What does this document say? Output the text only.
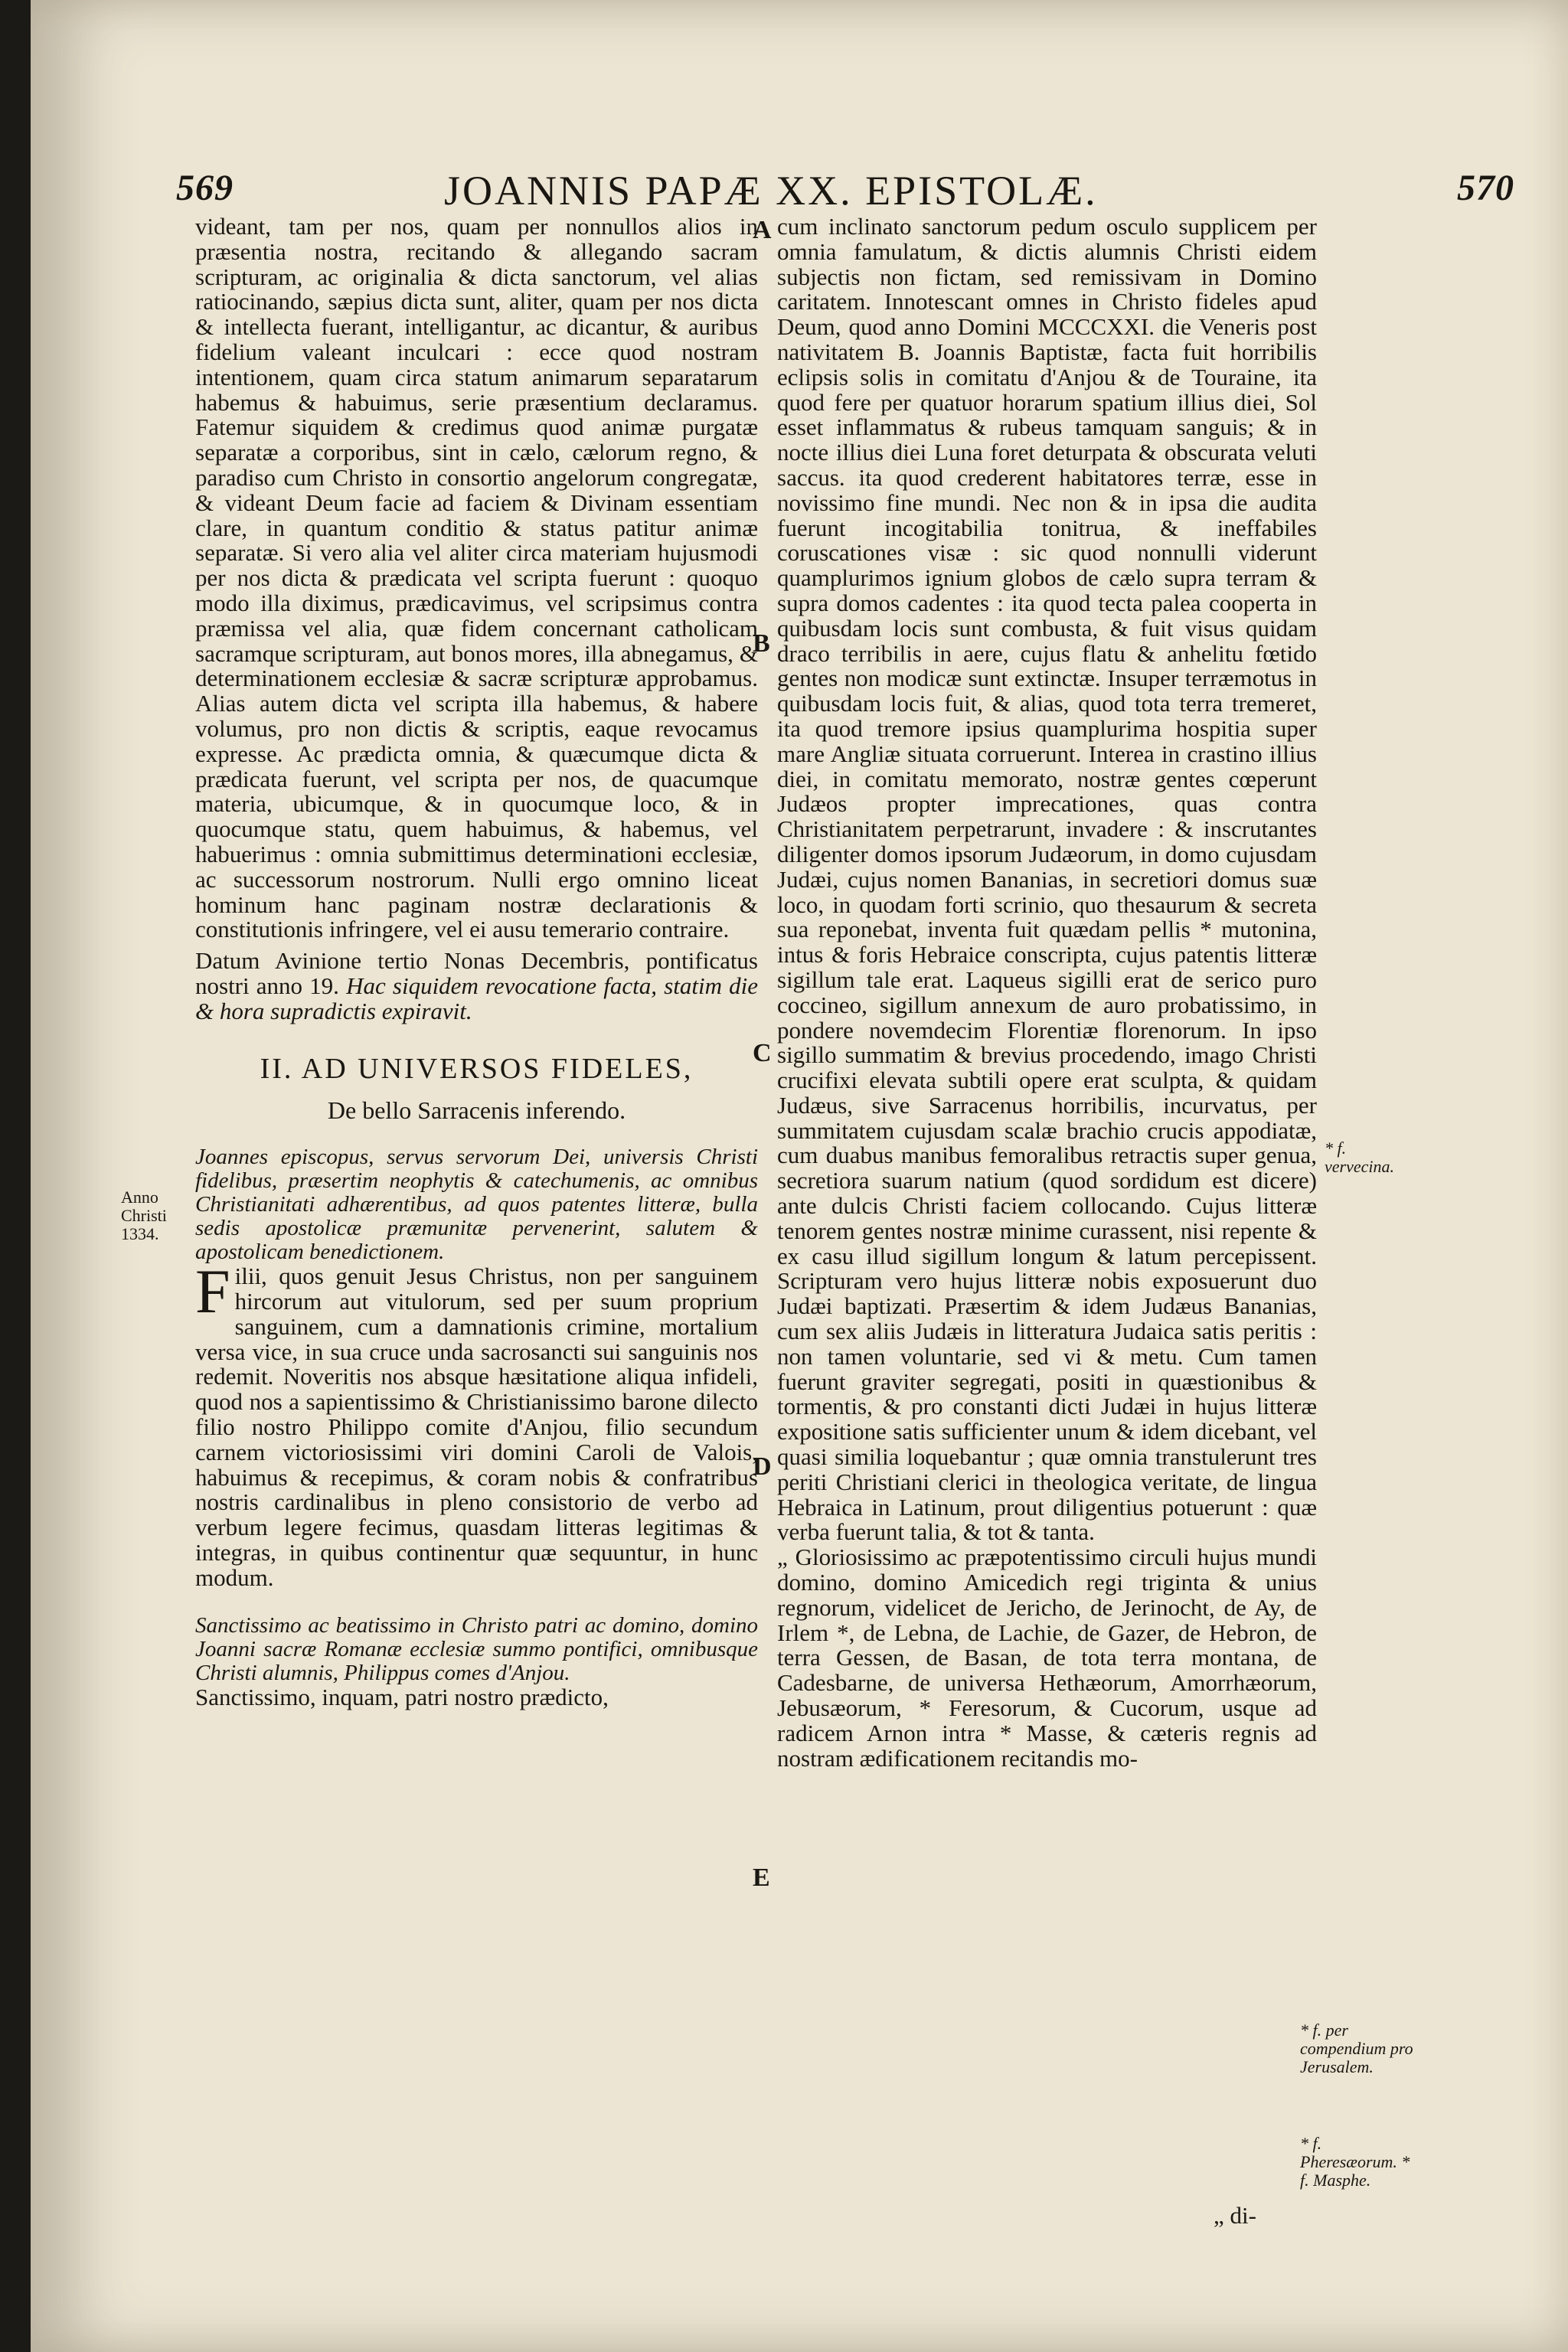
569	JOANNIS PAPÆ XX. EPISTOLÆ.	570
A
B
C
D
E
Anno Christi 1334.

videant, tam per nos, quam per nonnullos alios in præsentia nostra, recitando & allegando sacram scripturam, ac originalia & dicta sanctorum, vel alias ratiocinando, sæpius dicta sunt, aliter, quam per nos dicta & intellecta fuerant, intelligantur, ac dicantur, & auribus fidelium valeant inculcari : ecce quod nostram intentionem, quam circa statum animarum separatarum habemus & habuimus, serie præsentium declaramus. Fatemur siquidem & credimus quod animæ purgatæ separatæ a corporibus, sint in cælo, cælorum regno, & paradiso cum Christo in consortio angelorum congregatæ, & videant Deum facie ad faciem & Divinam essentiam clare, in quantum conditio & status patitur animæ separatæ. Si vero alia vel aliter circa materiam hujusmodi per nos dicta & prædicata vel scripta fuerunt : quoquo modo illa diximus, prædicavimus, vel scripsimus contra præmissa vel alia, quæ fidem concernant catholicam sacramque scripturam, aut bonos mores, illa abnegamus, & determinationem ecclesiæ & sacræ scripturæ approbamus. Alias autem dicta vel scripta illa habemus, & habere volumus, pro non dictis & scriptis, eaque revocamus expresse. Ac prædicta omnia, & quæcumque dicta & prædicata fuerunt, vel scripta per nos, de quacumque materia, ubicumque, & in quocumque loco, & in quocumque statu, quem habuimus, & habemus, vel habuerimus : omnia submittimus determinationi ecclesiæ, ac successorum nostrorum. Nulli ergo omnino liceat hominum hanc paginam nostræ declarationis & constitutionis infringere, vel ei ausu temerario contraire.

Datum Avinione tertio Nonas Decembris, pontificatus nostri anno 19. Hac siquidem revocatione facta, statim die & hora supradictis expiravit.

II. AD UNIVERSOS FIDELES,
De bello Sarracenis inferendo.

Joannes episcopus, servus servorum Dei, universis Christi fidelibus, præsertim neophytis & catechumenis, ac omnibus Christianitati adhærentibus, ad quos patentes litteræ, bulla sedis apostolicæ præmunitæ pervenerint, salutem & apostolicam benedictionem.

F ilii, quos genuit Jesus Christus, non per sanguinem hircorum aut vitulorum, sed per suum proprium sanguinem, cum a damnationis crimine, mortalium versa vice, in sua cruce unda sacrosancti sui sanguinis nos redemit. Noveritis nos absque hæsitatione aliqua infideli, quod nos a sapientissimo & Christianissimo barone dilecto filio nostro Philippo comite d'Anjou, filio secundum carnem victoriosissimi viri domini Caroli de Valois, habuimus & recepimus, & coram nobis & confratribus nostris cardinalibus in pleno consistorio de verbo ad verbum legere fecimus, quasdam litteras legitimas & integras, in quibus continentur quæ sequuntur, in hunc modum.

Sanctissimo ac beatissimo in Christo patri ac domino, domino Joanni sacræ Romanæ ecclesiæ summo pontifici, omnibusque Christi alumnis, Philippus comes d'Anjou.

Sanctissimo, inquam, patri nostro prædicto,

cum inclinato sanctorum pedum osculo supplicem per omnia famulatum, & dictis alumnis Christi eidem subjectis non fictam, sed remissivam in Domino caritatem. Innotescant omnes in Christo fideles apud Deum, quod anno Domini MCCCXXI. die Veneris post nativitatem B. Joannis Baptistæ, facta fuit horribilis eclipsis solis in comitatu d'Anjou & de Touraine, ita quod fere per quatuor horarum spatium illius diei, Sol esset inflammatus & rubeus tamquam sanguis; & in nocte illius diei Luna foret deturpata & obscurata veluti saccus. ita quod crederent habitatores terræ, esse in novissimo fine mundi. Nec non & in ipsa die audita fuerunt incogitabilia tonitrua, & ineffabiles coruscationes visæ : sic quod nonnulli viderunt quamplurimos ignium globos de cælo supra terram & supra domos cadentes : ita quod tecta palea cooperta in quibusdam locis sunt combusta, & fuit visus quidam draco terribilis in aere, cujus flatu & anhelitu fœtido gentes non modicæ sunt extinctæ. Insuper terræmotus in quibusdam locis fuit, & alias, quod tota terra tremeret, ita quod tremore ipsius quamplurima hospitia super mare Angliæ situata corruerunt. Interea in crastino illius diei, in comitatu memorato, nostræ gentes cœperunt Judæos propter imprecationes, quas contra Christianitatem perpetrarunt, invadere : & inscrutantes diligenter domos ipsorum Judæorum, in domo cujusdam Judæi, cujus nomen Bananias, in secretiori domus suæ loco, in quodam forti scrinio, quo thesaurum & secreta sua reponebat, inventa fuit quædam pellis * mutonina, intus & foris Hebraice conscripta, cujus patentis litteræ sigillum tale erat. Laqueus sigilli erat de serico puro coccineo, sigillum annexum de auro probatissimo, in pondere novemdecim Florentiæ florenorum. In ipso sigillo summatim & brevius procedendo, imago Christi crucifixi elevata subtili opere erat sculpta, & quidam Judæus, sive Sarracenus horribilis, incurvatus, per summitatem cujusdam scalæ brachio crucis appodiatæ, cum duabus manibus femoralibus retractis super genua, secretiora suarum natium (quod sordidum est dicere) ante dulcis Christi faciem collocando. Cujus litteræ tenorem gentes nostræ minime curassent, nisi repente & ex casu illud sigillum longum & latum percepissent. Scripturam vero hujus litteræ nobis exposuerunt duo Judæi baptizati. Præsertim & idem Judæus Bananias, cum sex aliis Judæis in litteratura Judaica satis peritis : non tamen voluntarie, sed vi & metu. Cum tamen fuerunt graviter segregati, positi in quæstionibus & tormentis, & pro constanti dicti Judæi in hujus litteræ expositione satis sufficienter unum & idem dicebant, vel quasi similia loquebantur ; quæ omnia transtulerunt tres periti Christiani clerici in theologica veritate, de lingua Hebraica in Latinum, prout diligentius potuerunt : quæ verba fuerunt talia, & tot & tanta.

„ Gloriosissimo ac præpotentissimo circuli hujus mundi domino, domino Amicedich regi triginta & unius regnorum, videlicet de Jericho, de Jerinocht, de Ay, de Irlem *, de Lebna, de Lachie, de Gazer, de Hebron, de terra Gessen, de Basan, de tota terra montana, de Cadesbarne, de universa Hethæorum, Amorrhæorum, Jebusæorum, * Feresorum, & Cucorum, usque ad radicem Arnon intra * Masse, & cæteris regnis ad nostram ædificationem recitandis mo-

„ di-
* f. vervecina.
* f. per compendium pro Jerusalem.
* f. Pheresæorum. * f. Masphe.
